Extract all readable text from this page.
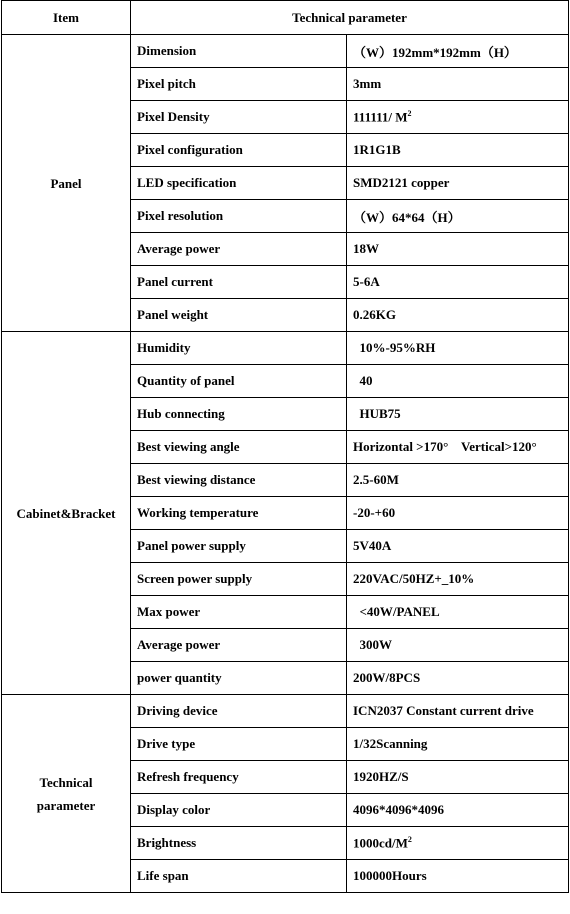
Item	Technical parameter	
Panel	Dimension	（W）192mm*192mm（H）
	Pixel pitch	3mm
	Pixel Density	111111/ $M^2$
	Pixel configuration	1R1G1B
	LED specification	SMD2121 copper
	Pixel resolution	（W）64*64（H）
	Average power	18W
	Panel current	5-6A
	Panel weight	0.26KG
Cabinet&Bracket	Humidity	10%-95%RH
	Quantity of panel	40
	Hub connecting	HUB75
	Best viewing angle	Horizontal >170°    Vertical>120°
	Best viewing distance	2.5-60M
	Working temperature	-20-+60
	Panel power supply	5V40A
	Screen power supply	220VAC/50HZ+_10%
	Max power	<40W/PANEL
	Average power	300W
	power quantity	200W/8PCS
Technical parameter	Driving device	ICN2037 Constant current drive
	Drive type	1/32Scanning
	Refresh frequency	1920HZ/S
	Display color	4096*4096*4096
	Brightness	$1000cd/M^2$
	Life span	100000Hours
